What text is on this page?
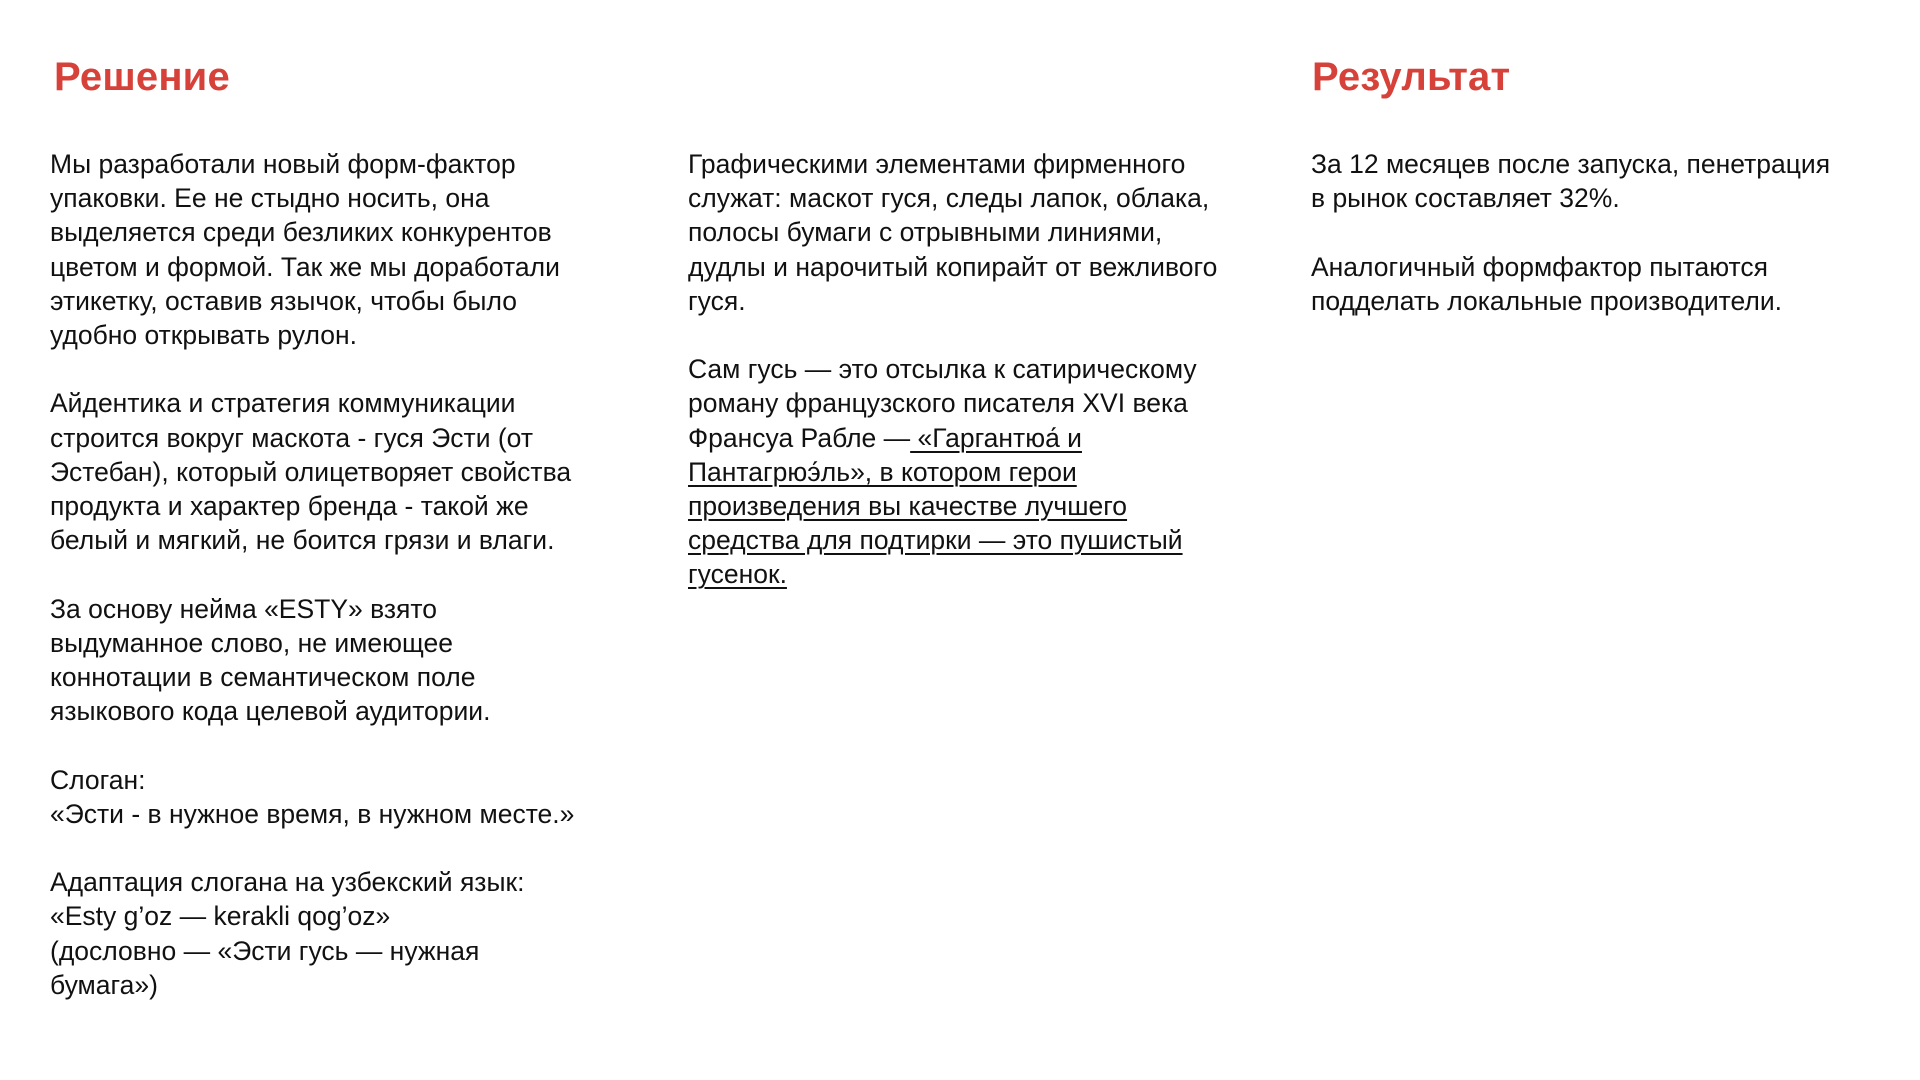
Решение	Результат

Мы разработали новый форм-фактор
упаковки. Ее не стыдно носить, она
выделяется среди безликих конкурентов
цветом и формой. Так же мы доработали
этикетку, оставив язычок, чтобы было
удобно открывать рулон.

Айдентика и стратегия коммуникации
строится вокруг маскота - гуся Эсти (от
Эстебан), который олицетворяет свойства
продукта и характер бренда - такой же
белый и мягкий, не боится грязи и влаги.

За основу нейма «ESTY» взято
выдуманное слово, не имеющее
коннотации в семантическом поле
языкового кода целевой аудитории.

Слоган:
«Эсти - в нужное время, в нужном месте.»

Адаптация слогана на узбекский язык:
«Esty g’oz — kerakli qog’oz»
(дословно — «Эсти гусь — нужная
бумага»)

Графическими элементами фирменного
служат: маскот гуся, следы лапок, облака,
полосы бумаги с отрывными линиями,
дудлы и нарочитый копирайт от вежливого
гуся.

Сам гусь — это отсылка к сатирическому
роману французского писателя XVI века
Франсуа Рабле — «Гаргантюа́ и
Пантагрюэ́ль», в котором герои
произведения вы качестве лучшего
средства для подтирки — это пушистый
гусенок.

За 12 месяцев после запуска, пенетрация
в рынок составляет 32%.

Аналогичный формфактор пытаются
подделать локальные производители.
